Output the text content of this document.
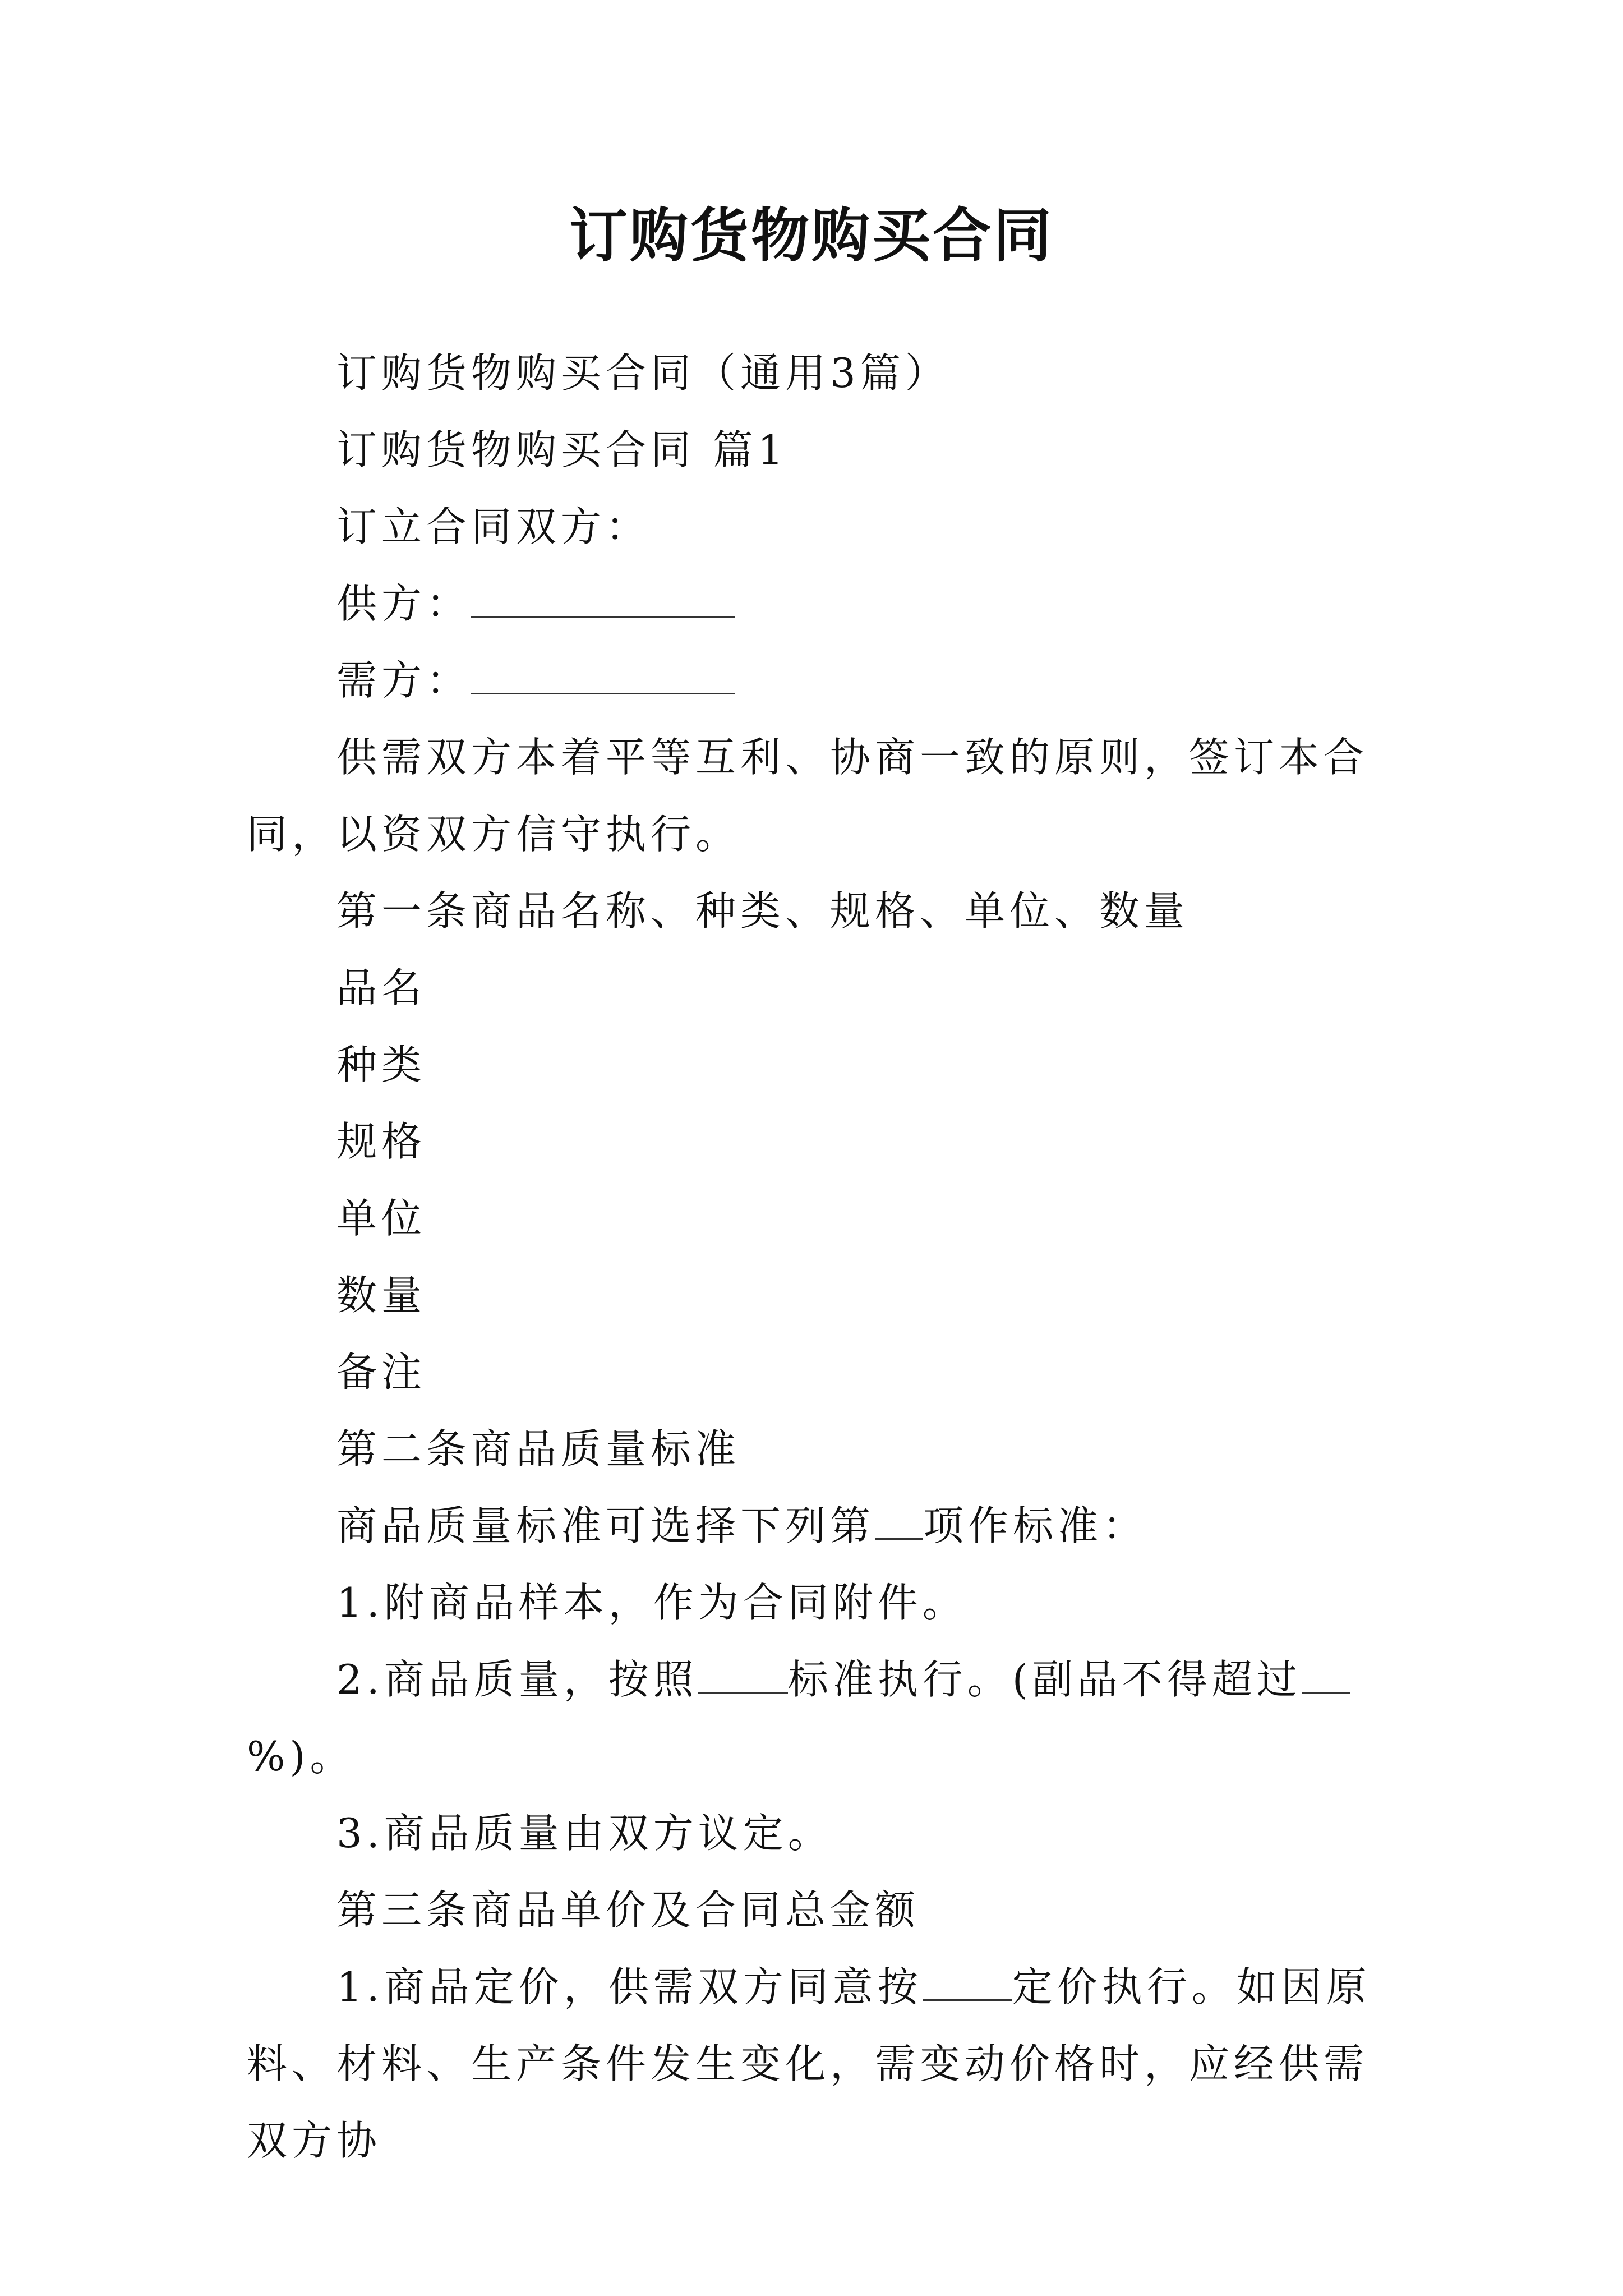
订购货物购买合同

订购货物购买合同（通用3篇）

订购货物购买合同 篇1

订立合同双方：

供方：

需方：

供需双方本着平等互利、协商一致的原则，签订本合同，以资双方信守执行。

第一条商品名称、种类、规格、单位、数量

品名

种类

规格

单位

数量

备注

第二条商品质量标准

商品质量标准可选择下列第 项作标准：

1.附商品样本，作为合同附件。

2.商品质量，按照 标准执行。(副品不得超过%)。

3.商品质量由双方议定。

第三条商品单价及合同总金额

1.商品定价，供需双方同意按 定价执行。如因原料、材料、生产条件发生变化，需变动价格时，应经供需双方协
